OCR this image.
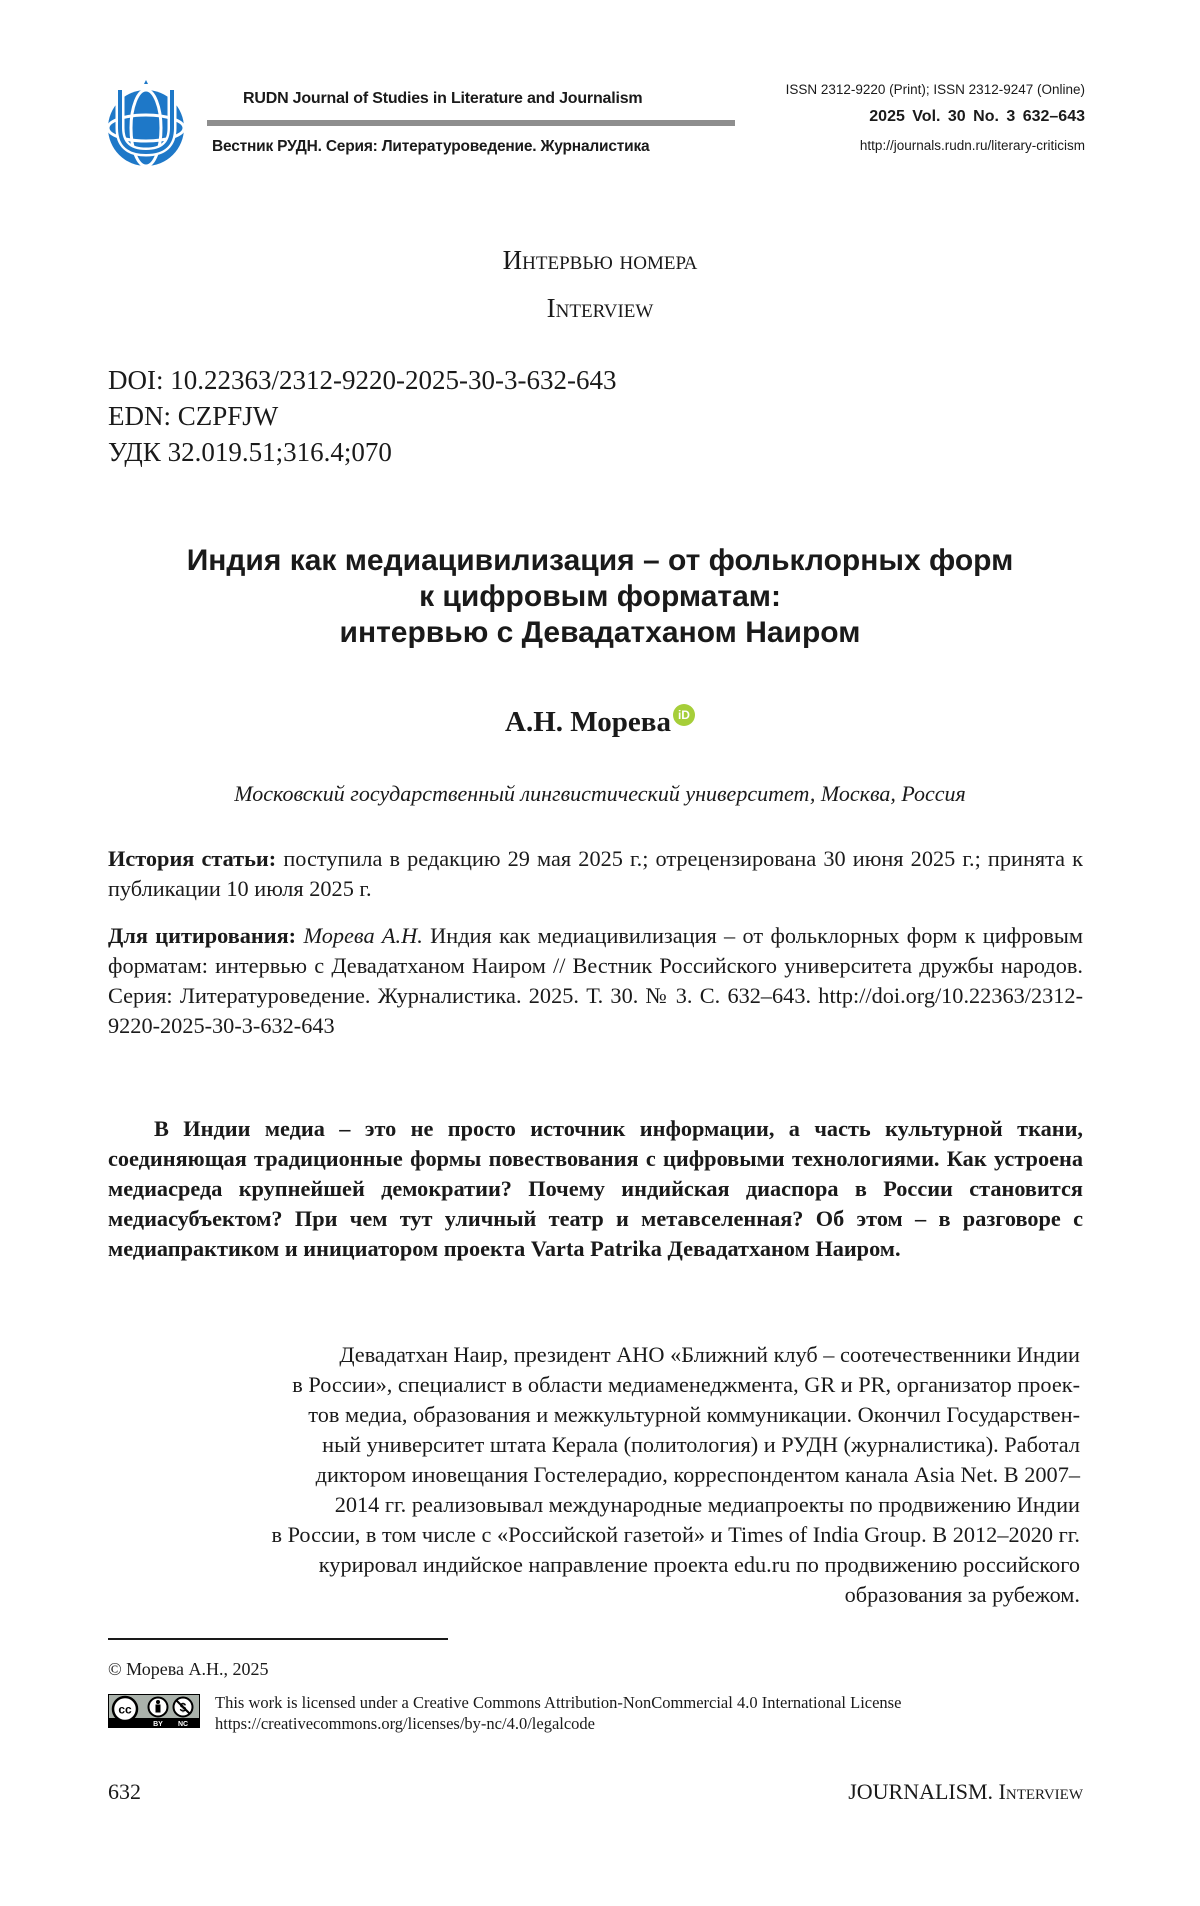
RUDN Journal of Studies in Literature and Journalism
Вестник РУДН. Серия: Литературоведение. Журналистика
ISSN 2312-9220 (Print); ISSN 2312-9247 (Online)
2025 Vol. 30 No. 3 632–643
http://journals.rudn.ru/literary-criticism
Интервью номера
Interview
DOI: 10.22363/2312-9220-2025-30-3-632-643
EDN: CZPFJW
УДК 32.019.51;316.4;070
Индия как медиацивилизация – от фольклорных форм
к цифровым форматам:
интервью с Девадатханом Наиром
А.Н. Морева iD
Московский государственный лингвистический университет, Москва, Россия
История статьи: поступила в редакцию 29 мая 2025 г.; отрецензирована 30 июня 2025 г.; принята к публикации 10 июля 2025 г.
Для цитирования: Морева А.Н. Индия как медиацивилизация – от фольклорных форм к цифровым форматам: интервью с Девадатханом Наиром // Вестник Российского университета дружбы народов. Серия: Литературоведение. Журналистика. 2025. Т. 30. № 3. С. 632–643. http://doi.org/10.22363/2312-9220-2025-30-3-632-643
В Индии медиа – это не просто источник информации, а часть культурной ткани, соединяющая традиционные формы повествования с цифровыми технологиями. Как устроена медиасреда крупнейшей демократии? Почему индийская диаспора в России становится медиасубъектом? При чем тут уличный театр и метавселенная? Об этом – в разговоре с медиапрактиком и инициатором проекта Varta Patrika Девадатханом Наиром.
Девадатхан Наир, президент АНО «Ближний клуб – соотечественники Индии
в России», специалист в области медиаменеджмента, GR и PR, организатор проек-
тов медиа, образования и межкультурной коммуникации. Окончил Государствен-
ный университет штата Керала (политология) и РУДН (журналистика). Работал
диктором иновещания Гостелерадио, корреспондентом канала Asia Net. В 2007–
2014 гг. реализовывал международные медиапроекты по продвижению Индии
в России, в том числе с «Российской газетой» и Times of India Group. В 2012–2020 гг.
курировал индийское направление проекта edu.ru по продвижению российского
образования за рубежом.
© Морева А.Н., 2025
cc
BY NC
This work is licensed under a Creative Commons Attribution-NonCommercial 4.0 International License
https://creativecommons.org/licenses/by-nc/4.0/legalcode
632	JOURNALISM. Interview
